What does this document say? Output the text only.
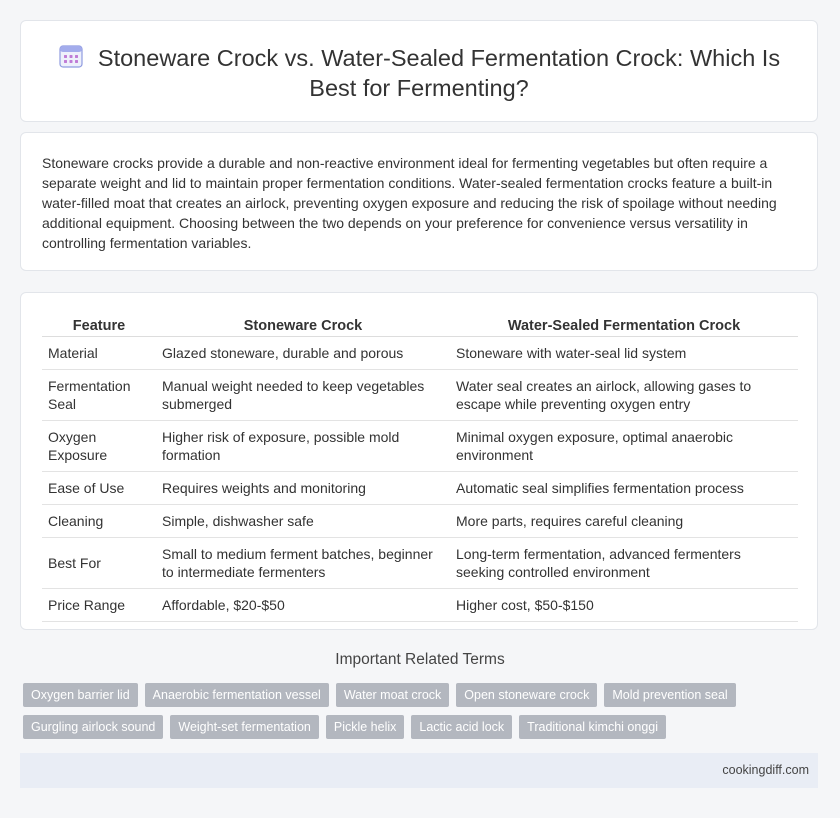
Stoneware Crock vs. Water-Sealed Fermentation Crock: Which Is Best for Fermenting?
Stoneware crocks provide a durable and non-reactive environment ideal for fermenting vegetables but often require a separate weight and lid to maintain proper fermentation conditions. Water-sealed fermentation crocks feature a built-in water-filled moat that creates an airlock, preventing oxygen exposure and reducing the risk of spoilage without needing additional equipment. Choosing between the two depends on your preference for convenience versus versatility in controlling fermentation variables.
Feature	Stoneware Crock	Water-Sealed Fermentation Crock
Material	Glazed stoneware, durable and porous	Stoneware with water-seal lid system
Fermentation Seal	Manual weight needed to keep vegetables submerged	Water seal creates an airlock, allowing gases to escape while preventing oxygen entry
Oxygen Exposure	Higher risk of exposure, possible mold formation	Minimal oxygen exposure, optimal anaerobic environment
Ease of Use	Requires weights and monitoring	Automatic seal simplifies fermentation process
Cleaning	Simple, dishwasher safe	More parts, requires careful cleaning
Best For	Small to medium ferment batches, beginner to intermediate fermenters	Long-term fermentation, advanced fermenters seeking controlled environment
Price Range	Affordable, $20-$50	Higher cost, $50-$150
Important Related Terms
Oxygen barrier lid	Anaerobic fermentation vessel	Water moat crock	Open stoneware crock	Mold prevention seal
Gurgling airlock sound	Weight-set fermentation	Pickle helix	Lactic acid lock	Traditional kimchi onggi
cookingdiff.com
